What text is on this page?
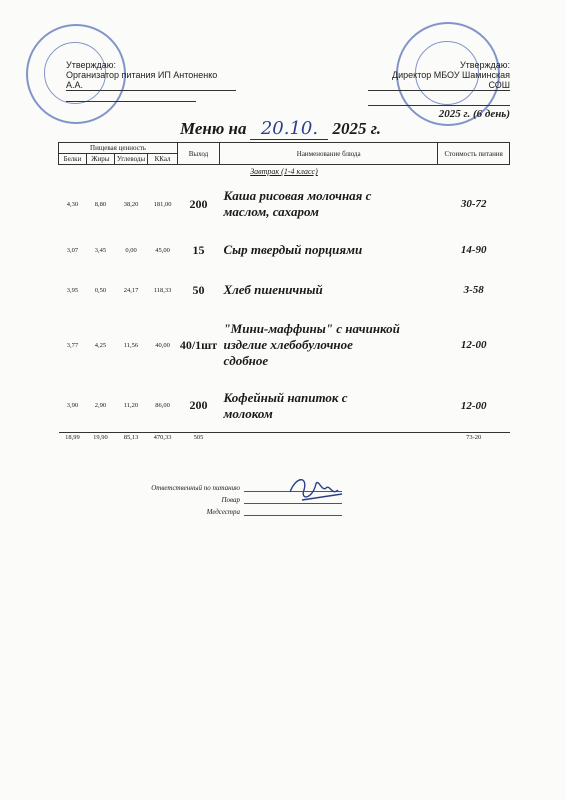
Утверждаю:
Организатор питания ИП Антоненко А.А.
Утверждаю:
Директор МБОУ Шаминская СОШ
2025 г. (6 день)
Меню на 20.10. 2025 г.
Пищевая ценность				Выход	Наименование блюда	Стоимость питания
Белки	Жиры	Углеводы	ККал			
Завтрак (1-4 класс)						
4,30	8,80	38,20	181,00	200	Каша рисовая молочная с
маслом, сахаром	30-72
3,07	3,45	0,00	45,00	15	Сыр твердый порциями	14-90
3,95	0,50	24,17	118,33	50	Хлеб пшеничный	3-58
3,77	4,25	11,56	40,00	40/1шт	"Мини-маффины" с начинкой
изделие хлебобулочное
сдобное	12-00
3,90	2,90	11,20	86,00	200	Кофейный напиток с
молоком	12-00
18,99	19,90	85,13	470,33	505		73-20
Ответственный по питанию
Повар
Медсестра
